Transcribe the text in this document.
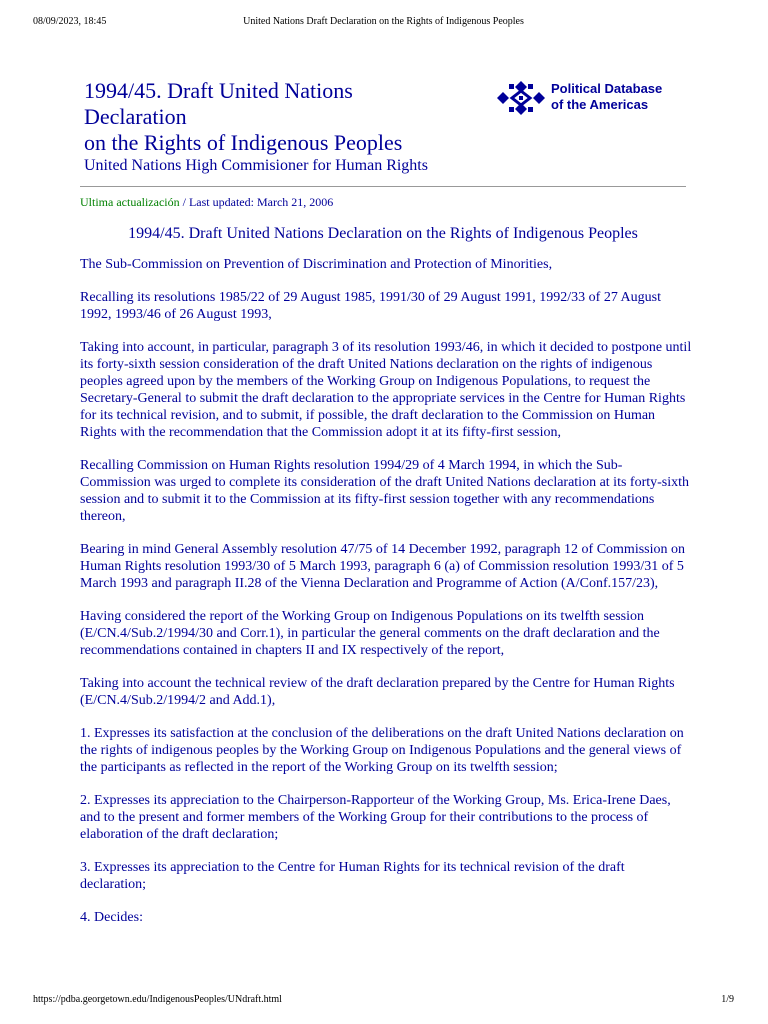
08/09/2023, 18:45	United Nations Draft Declaration on the Rights of Indigenous Peoples
1994/45. Draft United Nations
Declaration
on the Rights of Indigenous Peoples
United Nations High Commisioner for Human Rights
Political Database
of the Americas
Ultima actualización / Last updated: March 21, 2006
1994/45. Draft United Nations Declaration on the Rights of Indigenous Peoples

The Sub-Commission on Prevention of Discrimination and Protection of Minorities,

Recalling its resolutions 1985/22 of 29 August 1985, 1991/30 of 29 August 1991, 1992/33 of 27 August 1992, 1993/46 of 26 August 1993,

Taking into account, in particular, paragraph 3 of its resolution 1993/46, in which it decided to postpone until its forty-sixth session consideration of the draft United Nations declaration on the rights of indigenous peoples agreed upon by the members of the Working Group on Indigenous Populations, to request the Secretary-General to submit the draft declaration to the appropriate services in the Centre for Human Rights for its technical revision, and to submit, if possible, the draft declaration to the Commission on Human Rights with the recommendation that the Commission adopt it at its fifty-first session,

Recalling Commission on Human Rights resolution 1994/29 of 4 March 1994, in which the Sub-Commission was urged to complete its consideration of the draft United Nations declaration at its forty-sixth session and to submit it to the Commission at its fifty-first session together with any recommendations thereon,

Bearing in mind General Assembly resolution 47/75 of 14 December 1992, paragraph 12 of Commission on Human Rights resolution 1993/30 of 5 March 1993, paragraph 6 (a) of Commission resolution 1993/31 of 5 March 1993 and paragraph II.28 of the Vienna Declaration and Programme of Action (A/Conf.157/23),

Having considered the report of the Working Group on Indigenous Populations on its twelfth session (E/CN.4/Sub.2/1994/30 and Corr.1), in particular the general comments on the draft declaration and the recommendations contained in chapters II and IX respectively of the report,

Taking into account the technical review of the draft declaration prepared by the Centre for Human Rights (E/CN.4/Sub.2/1994/2 and Add.1),

1. Expresses its satisfaction at the conclusion of the deliberations on the draft United Nations declaration on the rights of indigenous peoples by the Working Group on Indigenous Populations and the general views of the participants as reflected in the report of the Working Group on its twelfth session;

2. Expresses its appreciation to the Chairperson-Rapporteur of the Working Group, Ms. Erica-Irene Daes, and to the present and former members of the Working Group for their contributions to the process of elaboration of the draft declaration;

3. Expresses its appreciation to the Centre for Human Rights for its technical revision of the draft declaration;

4. Decides:

https://pdba.georgetown.edu/IndigenousPeoples/UNdraft.html	1/9
